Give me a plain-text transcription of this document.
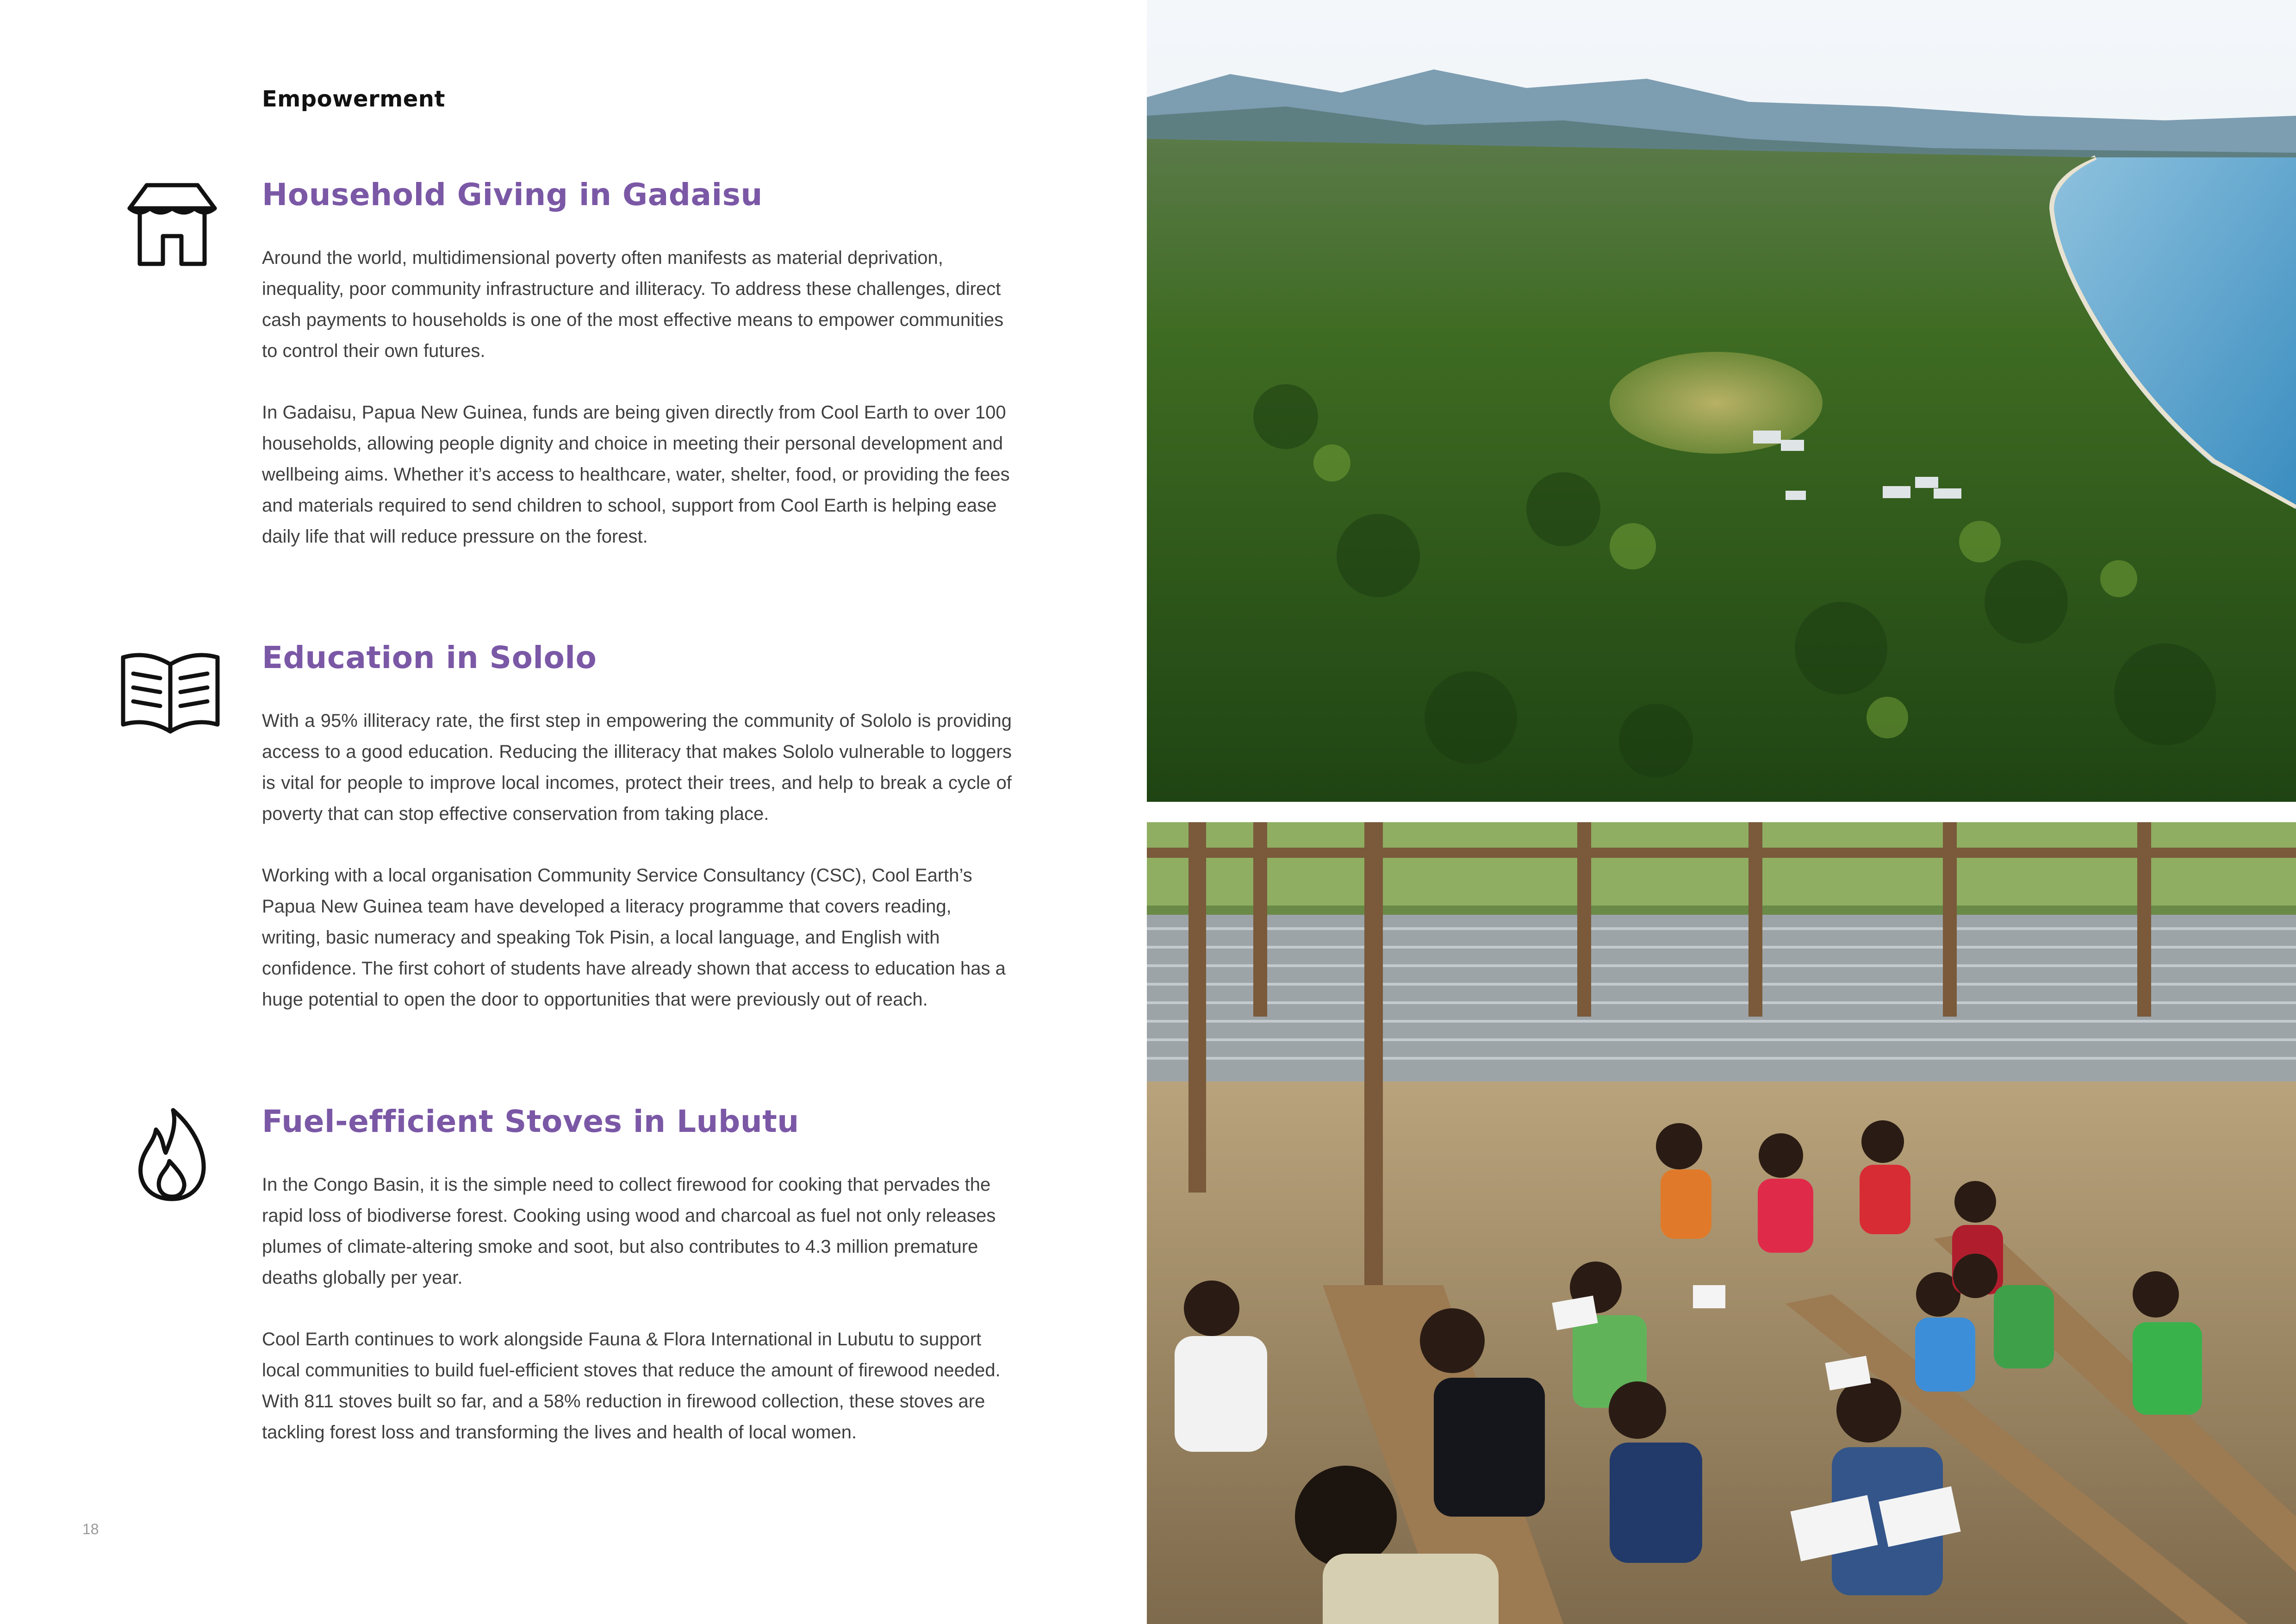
Empowerment
Household Giving in Gadaisu

Around the world, multidimensional poverty often manifests as material deprivation, inequality, poor community infrastructure and illiteracy. To address these challenges, direct cash payments to households is one of the most effective means to empower communities to control their own futures.

In Gadaisu, Papua New Guinea, funds are being given directly from Cool Earth to over 100 households, allowing people dignity and choice in meeting their personal development and wellbeing aims. Whether it’s access to healthcare, water, shelter, food, or providing the fees and materials required to send children to school, support from Cool Earth is helping ease daily life that will reduce pressure on the forest.

Education in Sololo

With a 95% illiteracy rate, the first step in empowering the community of Sololo is providing access to a good education. Reducing the illiteracy that makes Sololo vulnerable to loggers is vital for people to improve local incomes, protect their trees, and help to break a cycle of poverty that can stop effective conservation from taking place.

Working with a local organisation Community Service Consultancy (CSC), Cool Earth’s Papua New Guinea team have developed a literacy programme that covers reading, writing, basic numeracy and speaking Tok Pisin, a local language, and English with confidence. The first cohort of students have already shown that access to education has a huge potential to open the door to opportunities that were previously out of reach.

Fuel-efficient Stoves in Lubutu

In the Congo Basin, it is the simple need to collect firewood for cooking that pervades the rapid loss of biodiverse forest. Cooking using wood and charcoal as fuel not only releases plumes of climate-altering smoke and soot, but also contributes to 4.3 million premature deaths globally per year.

Cool Earth continues to work alongside Fauna & Flora International in Lubutu to support local communities to build fuel-efficient stoves that reduce the amount of firewood needed. With 811 stoves built so far, and a 58% reduction in firewood collection, these stoves are tackling forest loss and transforming the lives and health of local women.

18
